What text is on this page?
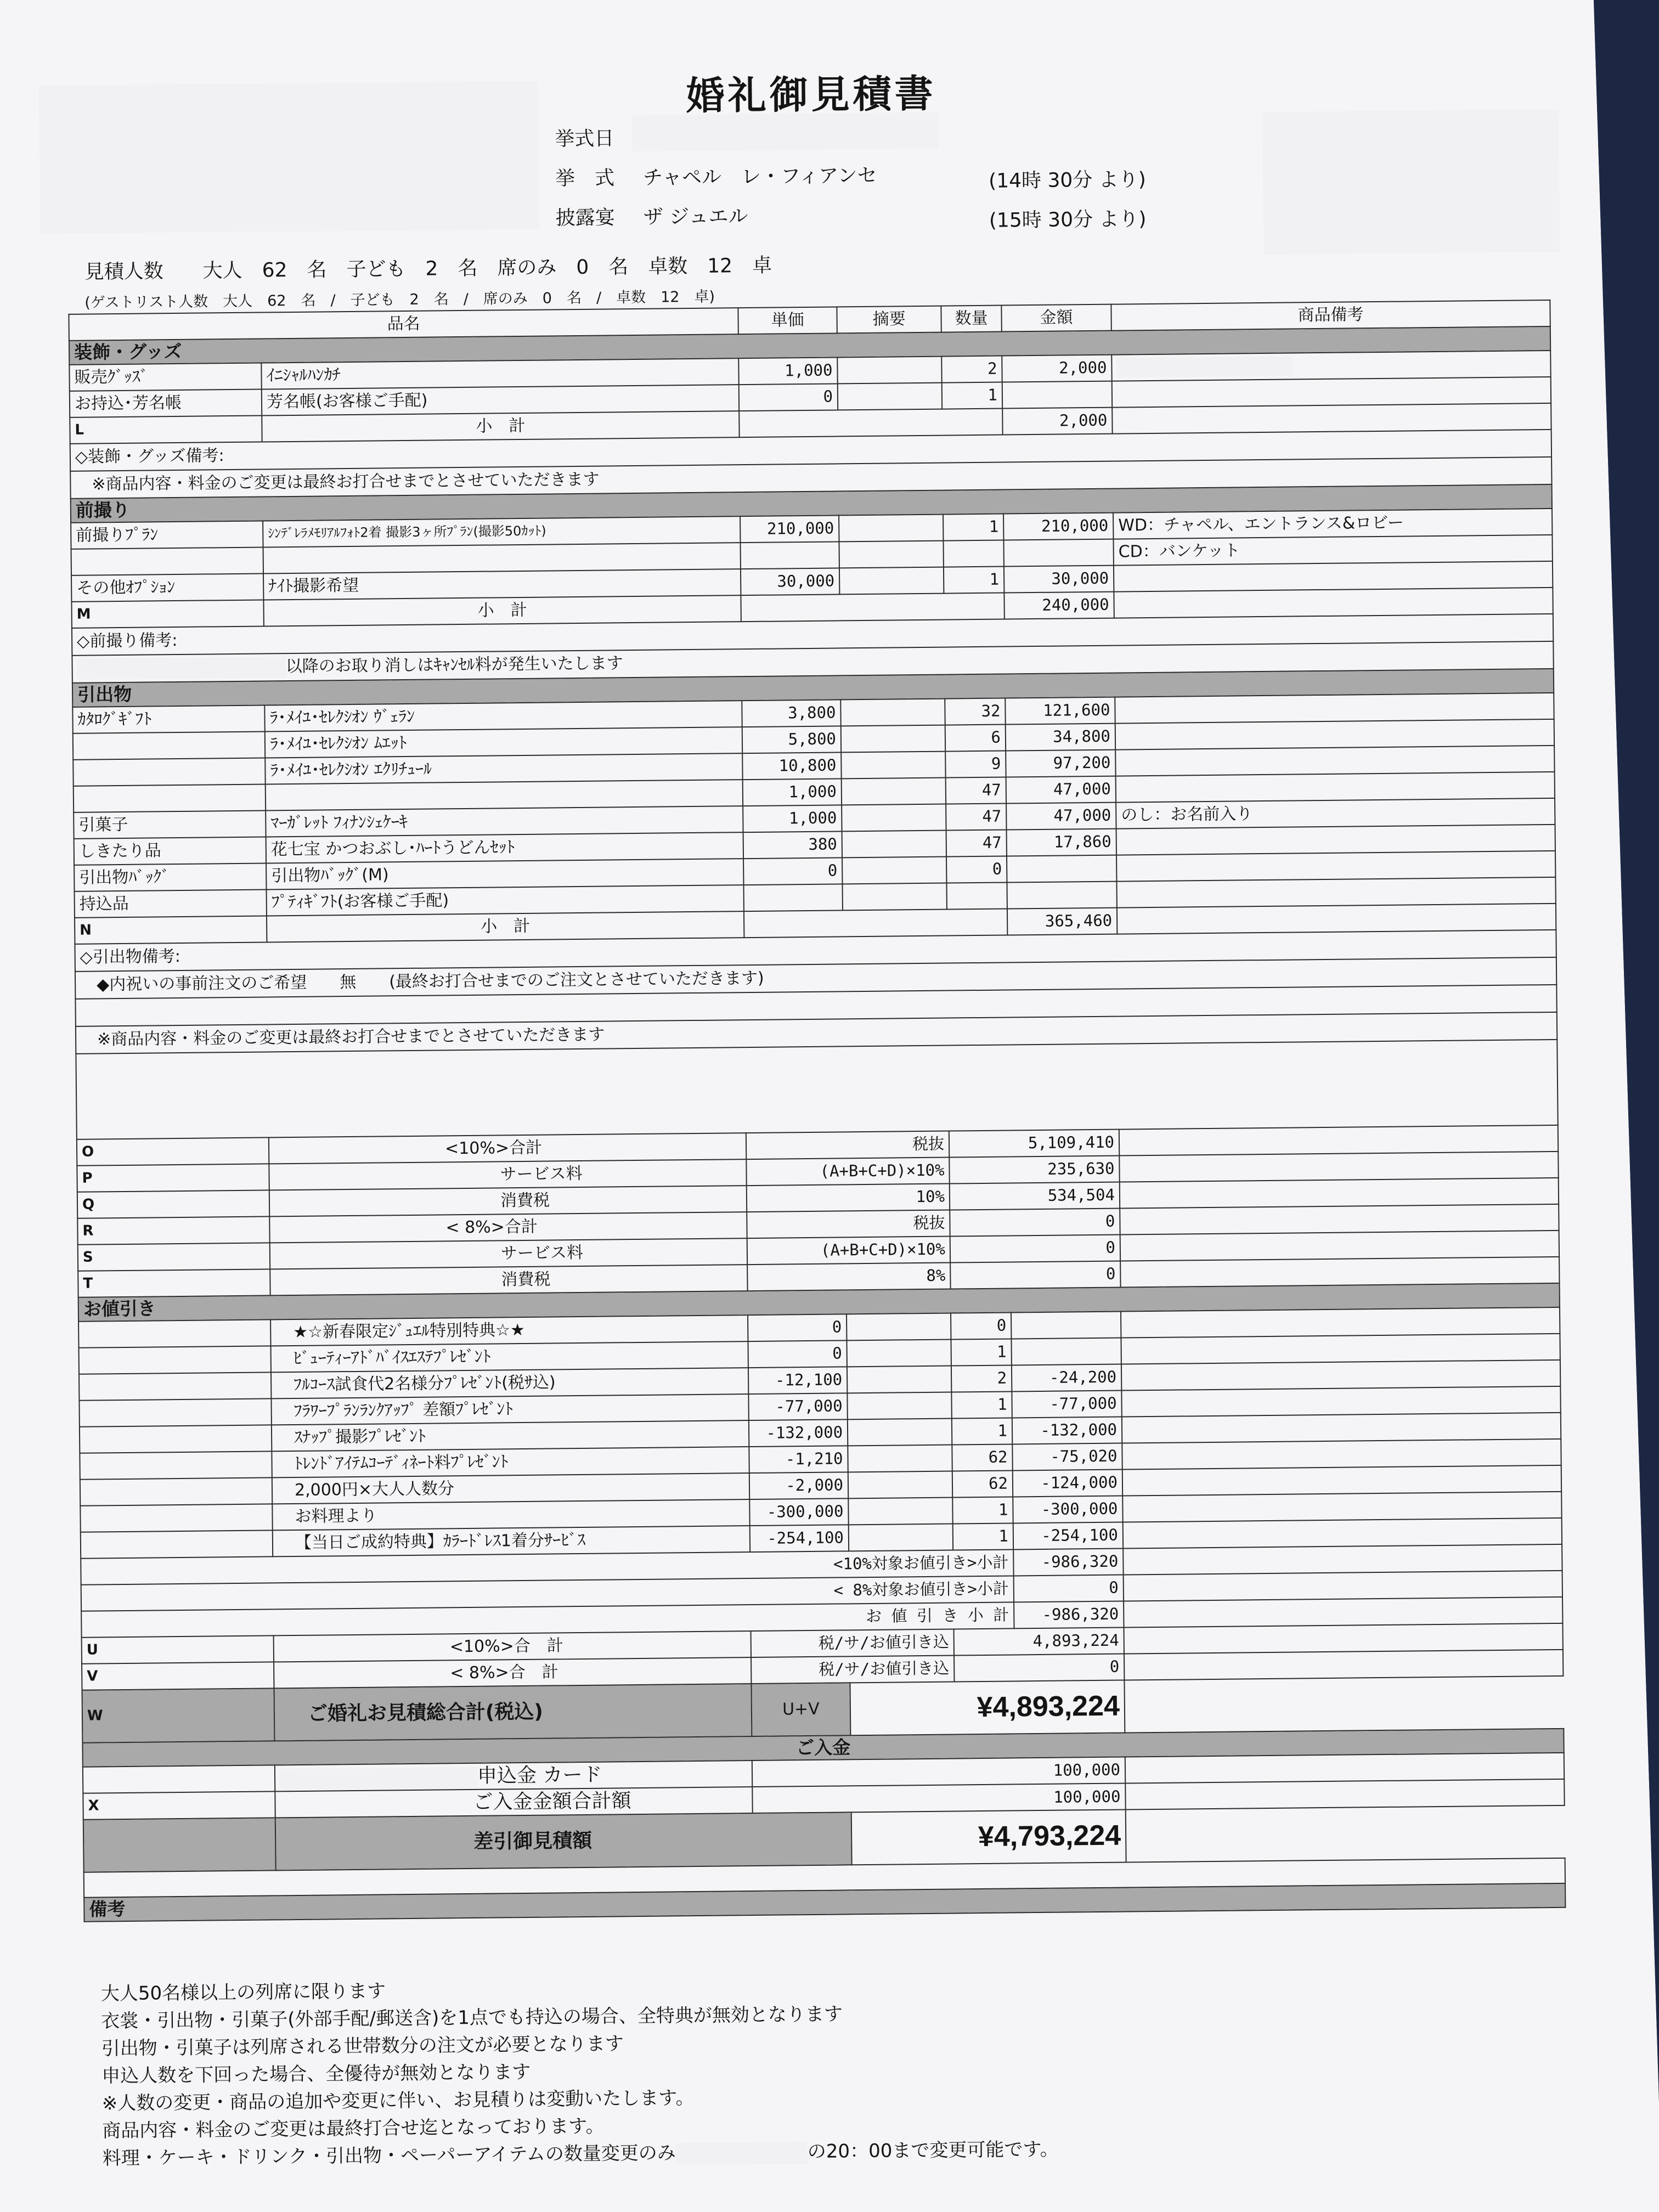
婚礼御見積書
挙式日
挙　式 チャペル　レ・フィアンセ	(14時 30分 より)
披露宴 ザ ジュエル	(15時 30分 より)
見積人数　　大人　62　名　子ども　2　名　席のみ　0　名　卓数　12　卓
(ゲストリスト人数　大人　62　名　/　子ども　2　名　/　席のみ　0　名　/　卓数　12　卓)
品名		単価	摘要	数量	金額	商品備考
装飾・グッズ						
販売ｸﾞｯｽﾞ	ｲﾆｼｬﾙﾊﾝｶﾁ	1,000		2	2,000	

お持込･芳名帳	芳名帳(お客様ご手配)	0		1		
L	小　計				2,000	
◇装飾・グッズ備考:						
　※商品内容・料金のご変更は最終お打合せまでとさせていただきます						
前撮り						
前撮りﾌﾟﾗﾝ	ｼﾝﾃﾞﾚﾗﾒﾓﾘｱﾙﾌｫﾄ2着 撮影3ヶ所ﾌﾟﾗﾝ(撮影50ｶｯﾄ)	210,000		1	210,000	WD：チャペル、エントランス&ロビー
						CD：バンケット
その他ｵﾌﾟｼｮﾝ	ﾅｲﾄ撮影希望	30,000		1	30,000	
M	小　計				240,000	
◇前撮り備考:						
以降のお取り消しはｷｬﾝｾﾙ料が発生いたします						
引出物						
ｶﾀﾛｸﾞｷﾞﾌﾄ	ﾗ･ﾒｲﾕ･ｾﾚｸｼｵﾝ ｳﾞｪﾗﾝ	3,800		32	121,600	
	ﾗ･ﾒｲﾕ･ｾﾚｸｼｵﾝ ﾑｴｯﾄ	5,800		6	34,800	
	ﾗ･ﾒｲﾕ･ｾﾚｸｼｵﾝ ｴｸﾘﾁｭｰﾙ	10,800		9	97,200	
		1,000		47	47,000	
引菓子	ﾏｰｶﾞﾚｯﾄ ﾌｨﾅﾝｼｪｹｰｷ	1,000		47	47,000	のし：お名前入り
しきたり品	花七宝 かつおぶし･ﾊｰﾄうどんｾｯﾄ	380		47	17,860	
引出物ﾊﾞｯｸﾞ	引出物ﾊﾞｯｸﾞ(M)	0		0		
持込品	ﾌﾟﾃｨｷﾞﾌﾄ(お客様ご手配)					
N	小　計				365,460	
◇引出物備考:						
　◆内祝いの事前注文のご希望　　無　　(最終お打合せまでのご注文とさせていただきます)						

　※商品内容・料金のご変更は最終お打合せまでとさせていただきます						

O	<10%>合計	税抜		5,109,410		
P	サービス料	(A+B+C+D)×10%		235,630		
Q	消費税	10%		534,504		
R	< 8%>合計	税抜		0		
S	サービス料	(A+B+C+D)×10%		0		
T	消費税	8%		0		
お値引き						
	★☆新春限定ｼﾞｭｴﾙ特別特典☆★	0		0		
	ﾋﾞｭｰﾃｨｰｱﾄﾞﾊﾞｲｽｴｽﾃﾌﾟﾚｾﾞﾝﾄ	0		1		
	ﾌﾙｺｰｽ試食代2名様分ﾌﾟﾚｾﾞﾝﾄ(税ｻ込)	-12,100		2	-24,200	
	ﾌﾗﾜｰﾌﾟﾗﾝﾗﾝｸｱｯﾌﾟ 差額ﾌﾟﾚｾﾞﾝﾄ	-77,000		1	-77,000	
	ｽﾅｯﾌﾟ撮影ﾌﾟﾚｾﾞﾝﾄ	-132,000		1	-132,000	
	ﾄﾚﾝﾄﾞｱｲﾃﾑｺｰﾃﾞｨﾈｰﾄ料ﾌﾟﾚｾﾞﾝﾄ	-1,210		62	-75,020	
	2,000円×大人人数分	-2,000		62	-124,000	
	お料理より	-300,000		1	-300,000	
	【当日ご成約特典】ｶﾗｰﾄﾞﾚｽ1着分ｻｰﾋﾞｽ	-254,100		1	-254,100	
<10%対象お値引き>小計					-986,320	
< 8%対象お値引き>小計					0	
お 値 引 き 小 計					-986,320	
U	<10%>合　計	税/サ/お値引き込		4,893,224		
V	< 8%>合　計	税/サ/お値引き込		0		
W	ご婚礼お見積総合計(税込)	U+V	¥4,893,224			
ご入金						
	申込金 カード	100,000				
X	ご入金金額合計額	100,000				
	差引御見積額		¥4,793,224			

備考						
大人50名様以上の列席に限ります
衣裳・引出物・引菓子(外部手配/郵送含)を1点でも持込の場合、全特典が無効となります
引出物・引菓子は列席される世帯数分の注文が必要となります
申込人数を下回った場合、全優待が無効となります
※人数の変更・商品の追加や変更に伴い、お見積りは変動いたします。
商品内容・料金のご変更は最終打合せ迄となっております。
料理・ケーキ・ドリンク・引出物・ペーパーアイテムの数量変更のみ	の20：00まで変更可能です。
